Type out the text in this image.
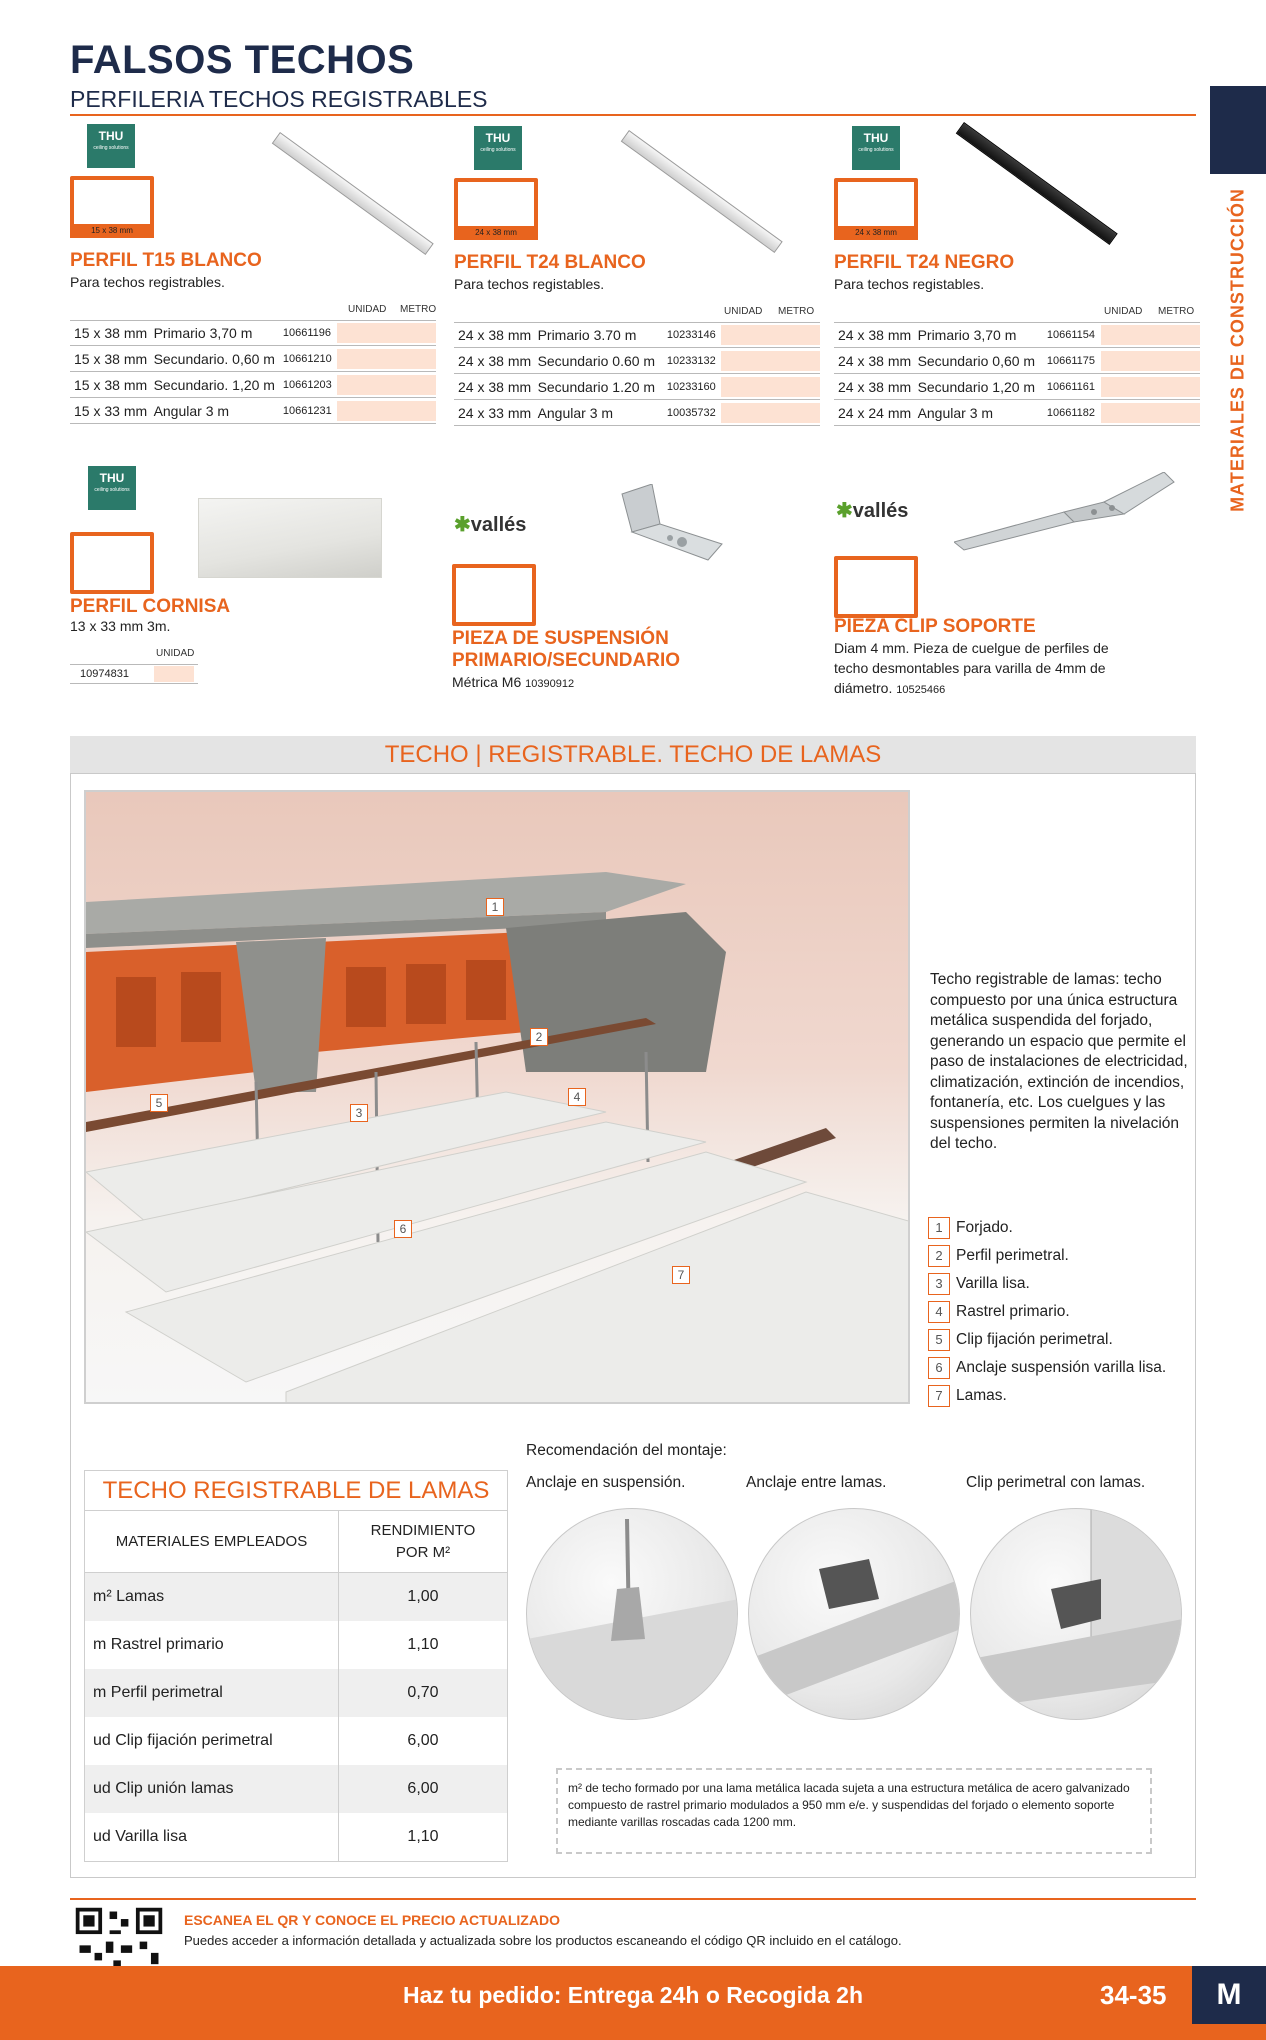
FALSOS TECHOS
PERFILERIA TECHOS REGISTRABLES
MATERIALES DE CONSTRUCCIÓN
THU
ceiling solutions
15 x 38 mm
PERFIL T15 BLANCO
Para techos registrables.
UNIDAD METRO
15 x 38 mm Primario 3,70 m	10661196
15 x 38 mm Secundario. 0,60 m 10661210
15 x 38 mm Secundario. 1,20 m 10661203
15 x 33 mm Angular 3 m	10661231
THU
ceiling solutions
24 x 38 mm
PERFIL T24 BLANCO
Para techos registables.
UNIDAD METRO
24 x 38 mm Primario 3.70 m	10233146
24 x 38 mm Secundario 0.60 m	10233132
24 x 38 mm Secundario 1.20 m	10233160
24 x 33 mm Angular 3 m	10035732
THU
ceiling solutions
24 x 38 mm
PERFIL T24 NEGRO
Para techos registables.
UNIDAD METRO
24 x 38 mm Primario 3,70 m	10661154
24 x 38 mm Secundario 0,60 m	10661175
24 x 38 mm Secundario 1,20 m	10661161
24 x 24 mm Angular 3 m	10661182
THU
ceiling solutions
PERFIL CORNISA
13 x 33 mm 3m.
UNIDAD
10974831
✱vallés
PIEZA DE SUSPENSIÓN
PRIMARIO/SECUNDARIO
Métrica M6 10390912
✱vallés
PIEZA CLIP SOPORTE
Diam 4 mm. Pieza de cuelgue de perfiles de
techo desmontables para varilla de 4mm de
diámetro. 10525466
TECHO | REGISTRABLE. TECHO DE LAMAS
1
2
3
4
5
6
7
Techo registrable de lamas: techo compuesto por una única estructura metálica suspendida del forjado, generando un espacio que permite el paso de instalaciones de electricidad, climatización, extinción de incendios, fontanería, etc. Los cuelgues y las suspensiones permiten la nivelación del techo.
1 Forjado.
2 Perfil perimetral.
3 Varilla lisa.
4 Rastrel primario.
5 Clip fijación perimetral.
6 Anclaje suspensión varilla lisa.
7 Lamas.
TECHO REGISTRABLE DE LAMAS
MATERIALES EMPLEADOS
RENDIMIENTO
POR M²
m² Lamas	1,00
m Rastrel primario	1,10
m Perfil perimetral	0,70
ud Clip fijación perimetral	6,00
ud Clip unión lamas	6,00
ud Varilla lisa	1,10
Recomendación del montaje:
Anclaje en suspensión.	Anclaje entre lamas.	Clip perimetral con lamas.
m² de techo formado por una lama metálica lacada sujeta a una estructura metálica de acero galvanizado compuesto de rastrel primario modulados a 950 mm e/e. y suspendidas del forjado o elemento soporte mediante varillas roscadas cada 1200 mm.
ESCANEA EL QR Y CONOCE EL PRECIO ACTUALIZADO
Puedes acceder a información detallada y actualizada sobre los productos escaneando el código QR incluido en el catálogo.
Haz tu pedido: Entrega 24h o Recogida 2h	34-35	M
